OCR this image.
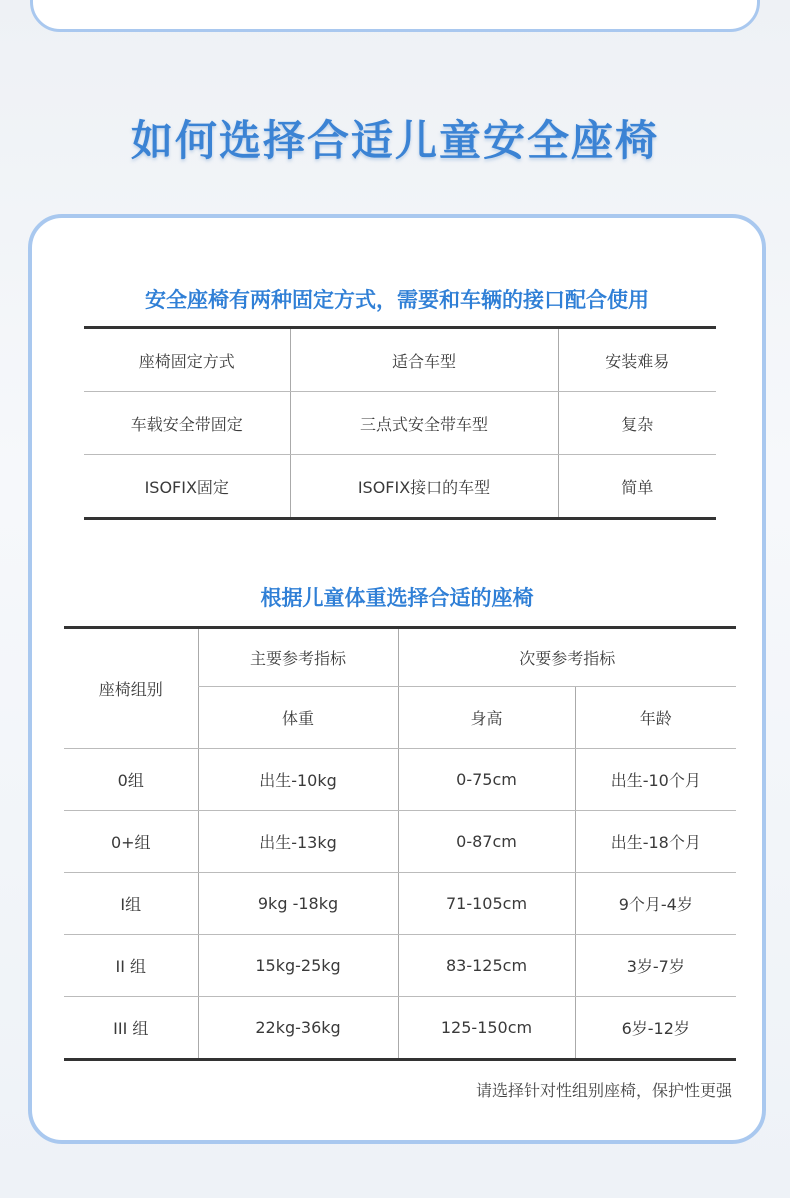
如何选择合适儿童安全座椅
安全座椅有两种固定方式，需要和车辆的接口配合使用
座椅固定方式	适合车型	安装难易
车载安全带固定	三点式安全带车型	复杂
ISOFIX固定	ISOFIX接口的车型	简单
根据儿童体重选择合适的座椅
座椅组别	主要参考指标	次要参考指标	
	体重	身高	年龄
0组	出生-10kg	0-75cm	出生-10个月
0+组	出生-13kg	0-87cm	出生-18个月
I组	9kg -18kg	71-105cm	9个月-4岁
II 组	15kg-25kg	83-125cm	3岁-7岁
III 组	22kg-36kg	125-150cm	6岁-12岁
请选择针对性组别座椅，保护性更强
